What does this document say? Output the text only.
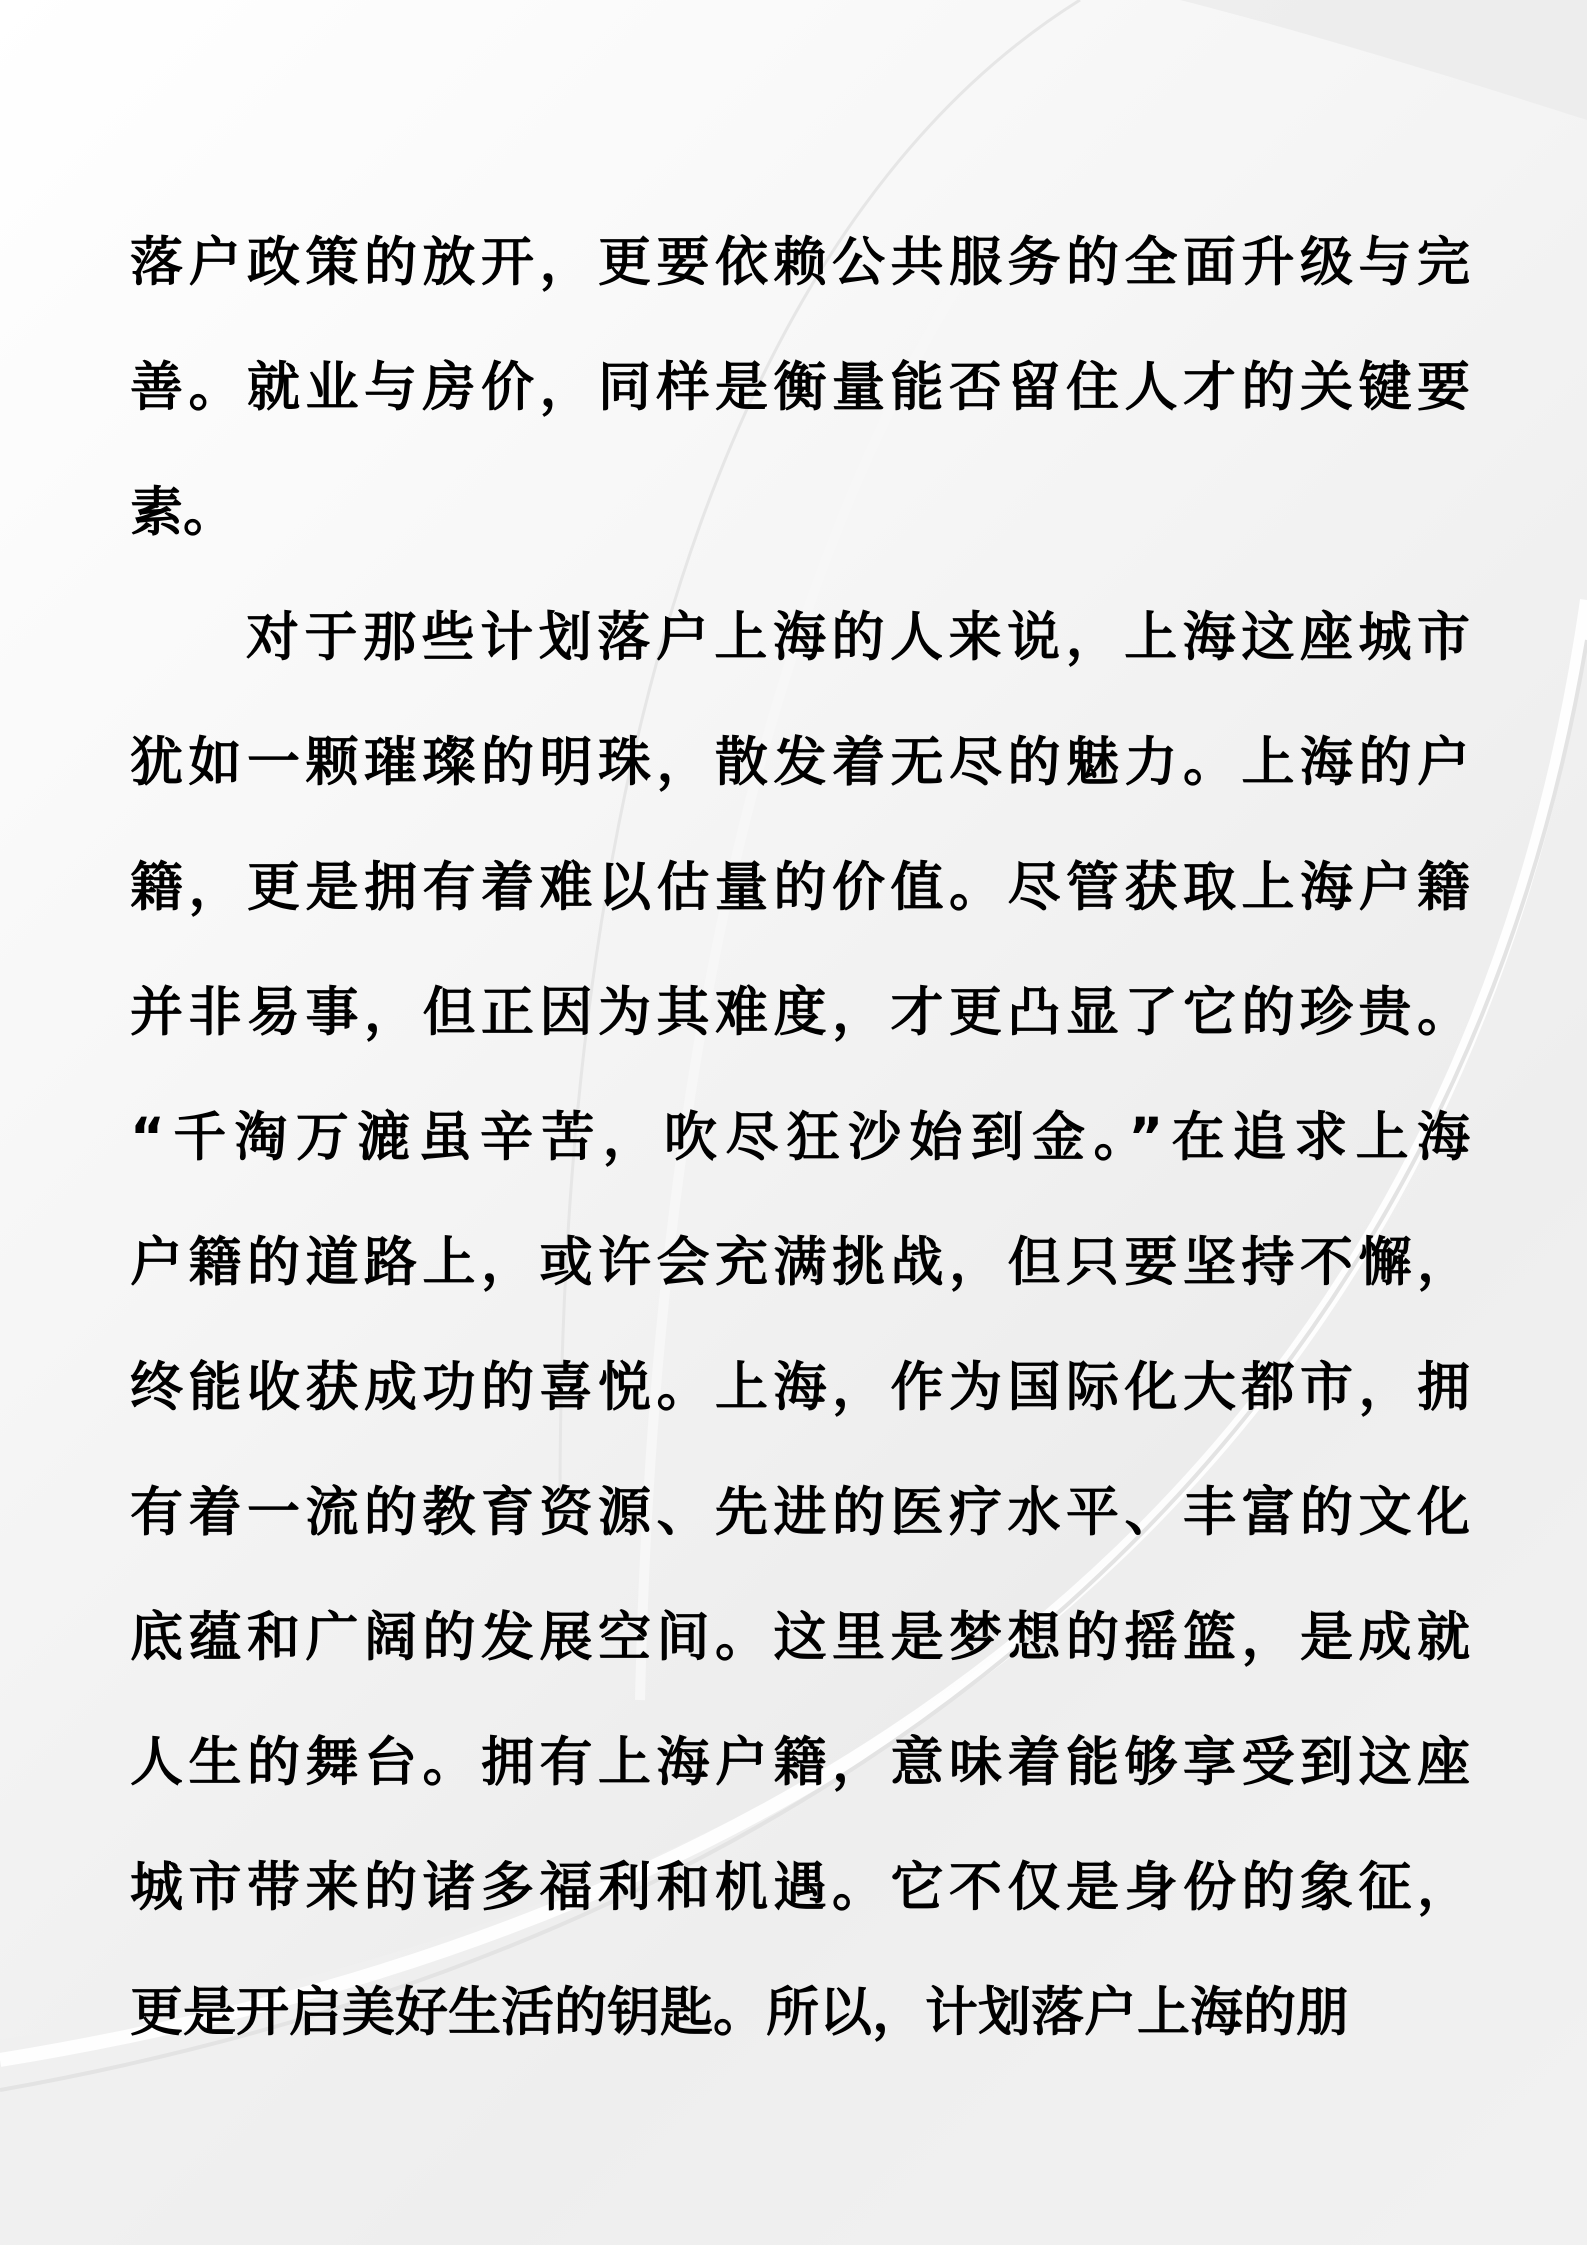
落户政策的放开，更要依赖公共服务的全面升级与完
善。就业与房价，同样是衡量能否留住人才的关键要
素。
对于那些计划落户上海的人来说，上海这座城市
犹如一颗璀璨的明珠，散发着无尽的魅力。上海的户
籍，更是拥有着难以估量的价值。尽管获取上海户籍
并非易事，但正因为其难度，才更凸显了它的珍贵。
“千淘万漉虽辛苦，吹尽狂沙始到金。”在追求上海
户籍的道路上，或许会充满挑战，但只要坚持不懈，
终能收获成功的喜悦。上海，作为国际化大都市，拥
有着一流的教育资源、先进的医疗水平、丰富的文化
底蕴和广阔的发展空间。这里是梦想的摇篮，是成就
人生的舞台。拥有上海户籍，意味着能够享受到这座
城市带来的诸多福利和机遇。它不仅是身份的象征，
更是开启美好生活的钥匙。所以，计划落户上海的朋
